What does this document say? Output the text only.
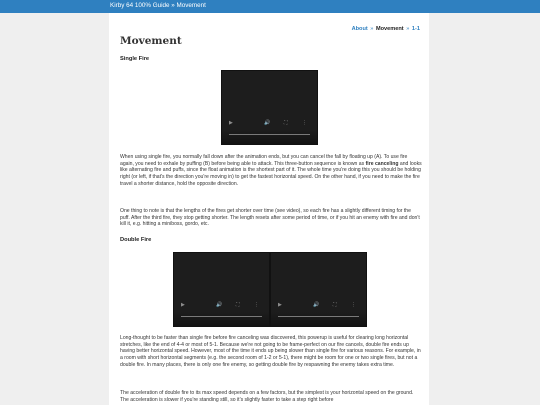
Kirby 64 100% Guide » Movement
About » Movement » 1-1
Movement
Single Fire
▶	🔊	⛶	⋮

When using single fire, you normally fall down after the animation ends, but you can cancel the fall by floating up (A). To use fire again, you need to exhale by puffing (B) before being able to attack. This three-button sequence is known as fire canceling and looks like alternating fire and puffs, since the float animation is the shortest part of it. The whole time you're doing this you should be holding right (or left, if that's the direction you're moving in) to get the fastest horizontal speed. On the other hand, if you need to make the fire travel a shorter distance, hold the opposite direction.

One thing to note is that the lengths of the fires get shorter over time (see video), so each fire has a slightly different timing for the puff. After the third fire, they stop getting shorter. The length resets after some period of time, or if you hit an enemy with fire and don't kill it, e.g. hitting a miniboss, gordo, etc.

Double Fire
▶	🔊	⛶	⋮	▶	🔊	⛶	⋮

Long-thought to be faster than single fire before fire canceling was discovered, this powerup is useful for clearing long horizontal stretches, like the end of 4-4 or most of 5-1. Because we're not going to be frame-perfect on our fire cancels, double fire ends up having better horizontal speed. However, most of the time it ends up being slower than single fire for various reasons. For example, in a room with short horizontal segments (e.g. the second room of 1-2 or 5-1), there might be room for one or two single fires, but not a double fire. In many places, there is only one fire enemy, so getting double fire by respawning the enemy takes extra time.

The acceleration of double fire to its max speed depends on a few factors, but the simplest is your horizontal speed on the ground. The acceleration is slower if you're standing still, so it's slightly faster to take a step right before
